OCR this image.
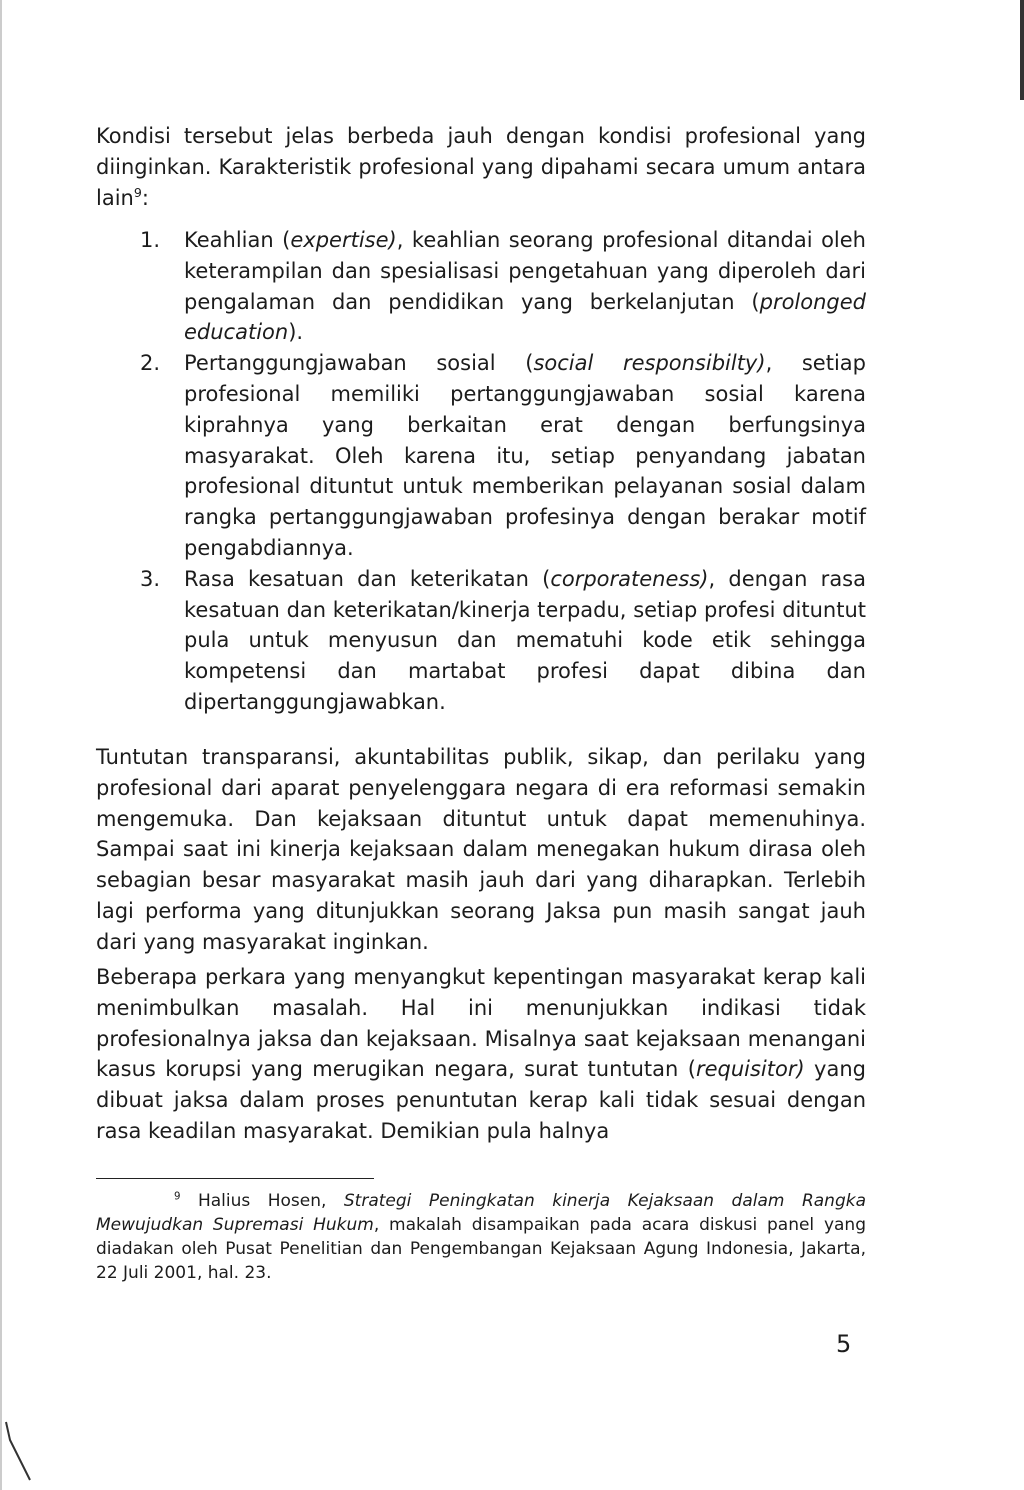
Kondisi tersebut jelas berbeda jauh dengan kondisi profesional yang diinginkan. Karakteristik profesional yang dipahami secara umum antara lain$^9$:

1. Keahlian (expertise), keahlian seorang profesional ditandai oleh keterampilan dan spesialisasi pengetahuan yang diperoleh dari pengalaman dan pendidikan yang berkelanjutan (prolonged education).
2. Pertanggungjawaban sosial (social responsibilty), setiap profesional memiliki pertanggungjawaban sosial karena kiprahnya yang berkaitan erat dengan berfungsinya masyarakat. Oleh karena itu, setiap penyandang jabatan profesional dituntut untuk memberikan pelayanan sosial dalam rangka pertanggungjawaban profesinya dengan berakar motif pengabdiannya.
3. Rasa kesatuan dan keterikatan (corporateness), dengan rasa kesatuan dan keterikatan/kinerja terpadu, setiap profesi dituntut pula untuk menyusun dan mematuhi kode etik sehingga kompetensi dan martabat profesi dapat dibina dan dipertanggungjawabkan.

Tuntutan transparansi, akuntabilitas publik, sikap, dan perilaku yang profesional dari aparat penyelenggara negara di era reformasi semakin mengemuka. Dan kejaksaan dituntut untuk dapat memenuhinya. Sampai saat ini kinerja kejaksaan dalam menegakan hukum dirasa oleh sebagian besar masyarakat masih jauh dari yang diharapkan. Terlebih lagi performa yang ditunjukkan seorang Jaksa pun masih sangat jauh dari yang masyarakat inginkan.

Beberapa perkara yang menyangkut kepentingan masyarakat kerap kali menimbulkan masalah. Hal ini menunjukkan indikasi tidak profesionalnya jaksa dan kejaksaan. Misalnya saat kejaksaan menangani kasus korupsi yang merugikan negara, surat tuntutan (requisitor) yang dibuat jaksa dalam proses penuntutan kerap kali tidak sesuai dengan rasa keadilan masyarakat. Demikian pula halnya

$^9$ Halius Hosen, Strategi Peningkatan kinerja Kejaksaan dalam Rangka Mewujudkan Supremasi Hukum, makalah disampaikan pada acara diskusi panel yang diadakan oleh Pusat Penelitian dan Pengembangan Kejaksaan Agung Indonesia, Jakarta, 22 Juli 2001, hal. 23.

5
